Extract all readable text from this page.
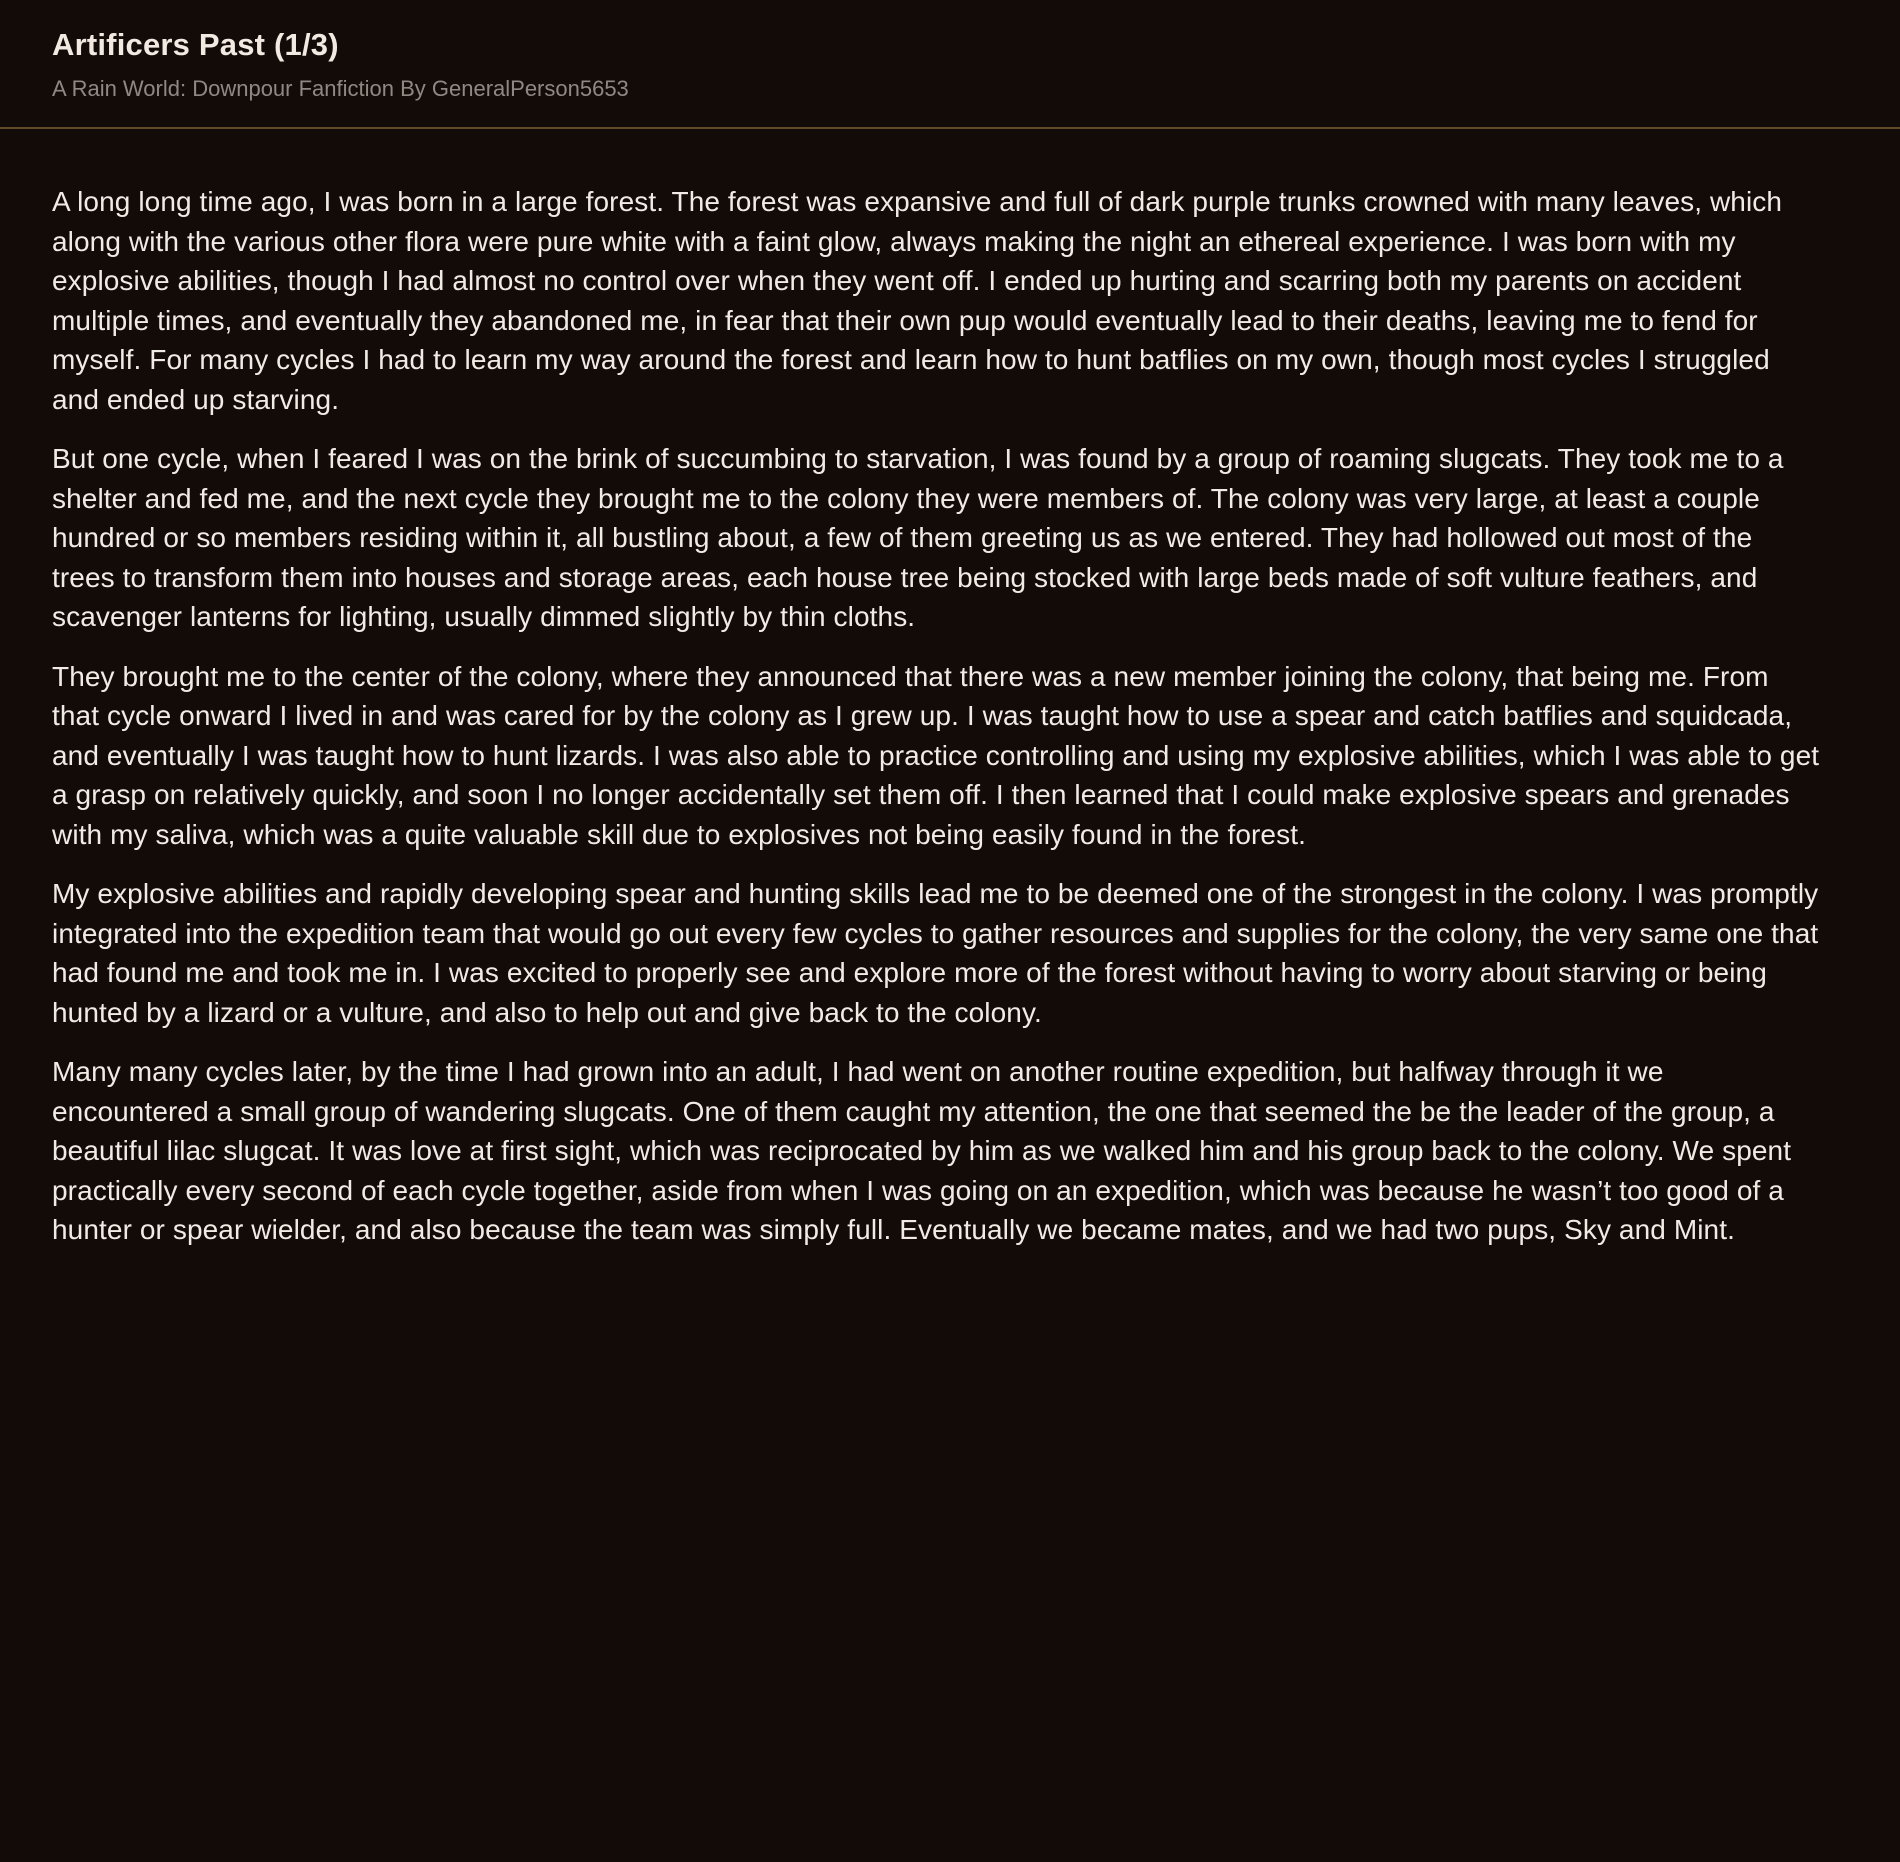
Artificers Past (1/3)
A Rain World: Downpour Fanfiction By GeneralPerson5653

A long long time ago, I was born in a large forest. The forest was expansive and full of dark purple trunks crowned with many leaves, which along with the various other flora were pure white with a faint glow, always making the night an ethereal experience. I was born with my explosive abilities, though I had almost no control over when they went off. I ended up hurting and scarring both my parents on accident multiple times, and eventually they abandoned me, in fear that their own pup would eventually lead to their deaths, leaving me to fend for myself. For many cycles I had to learn my way around the forest and learn how to hunt batflies on my own, though most cycles I struggled and ended up starving.

But one cycle, when I feared I was on the brink of succumbing to starvation, I was found by a group of roaming slugcats. They took me to a shelter and fed me, and the next cycle they brought me to the colony they were members of. The colony was very large, at least a couple hundred or so members residing within it, all bustling about, a few of them greeting us as we entered. They had hollowed out most of the trees to transform them into houses and storage areas, each house tree being stocked with large beds made of soft vulture feathers, and scavenger lanterns for lighting, usually dimmed slightly by thin cloths.

They brought me to the center of the colony, where they announced that there was a new member joining the colony, that being me. From that cycle onward I lived in and was cared for by the colony as I grew up. I was taught how to use a spear and catch batflies and squidcada, and eventually I was taught how to hunt lizards. I was also able to practice controlling and using my explosive abilities, which I was able to get a grasp on relatively quickly, and soon I no longer accidentally set them off. I then learned that I could make explosive spears and grenades with my saliva, which was a quite valuable skill due to explosives not being easily found in the forest.

My explosive abilities and rapidly developing spear and hunting skills lead me to be deemed one of the strongest in the colony. I was promptly integrated into the expedition team that would go out every few cycles to gather resources and supplies for the colony, the very same one that had found me and took me in. I was excited to properly see and explore more of the forest without having to worry about starving or being hunted by a lizard or a vulture, and also to help out and give back to the colony.

Many many cycles later, by the time I had grown into an adult, I had went on another routine expedition, but halfway through it we encountered a small group of wandering slugcats. One of them caught my attention, the one that seemed the be the leader of the group, a beautiful lilac slugcat. It was love at first sight, which was reciprocated by him as we walked him and his group back to the colony. We spent practically every second of each cycle together, aside from when I was going on an expedition, which was because he wasn’t too good of a hunter or spear wielder, and also because the team was simply full. Eventually we became mates, and we had two pups, Sky and Mint.
